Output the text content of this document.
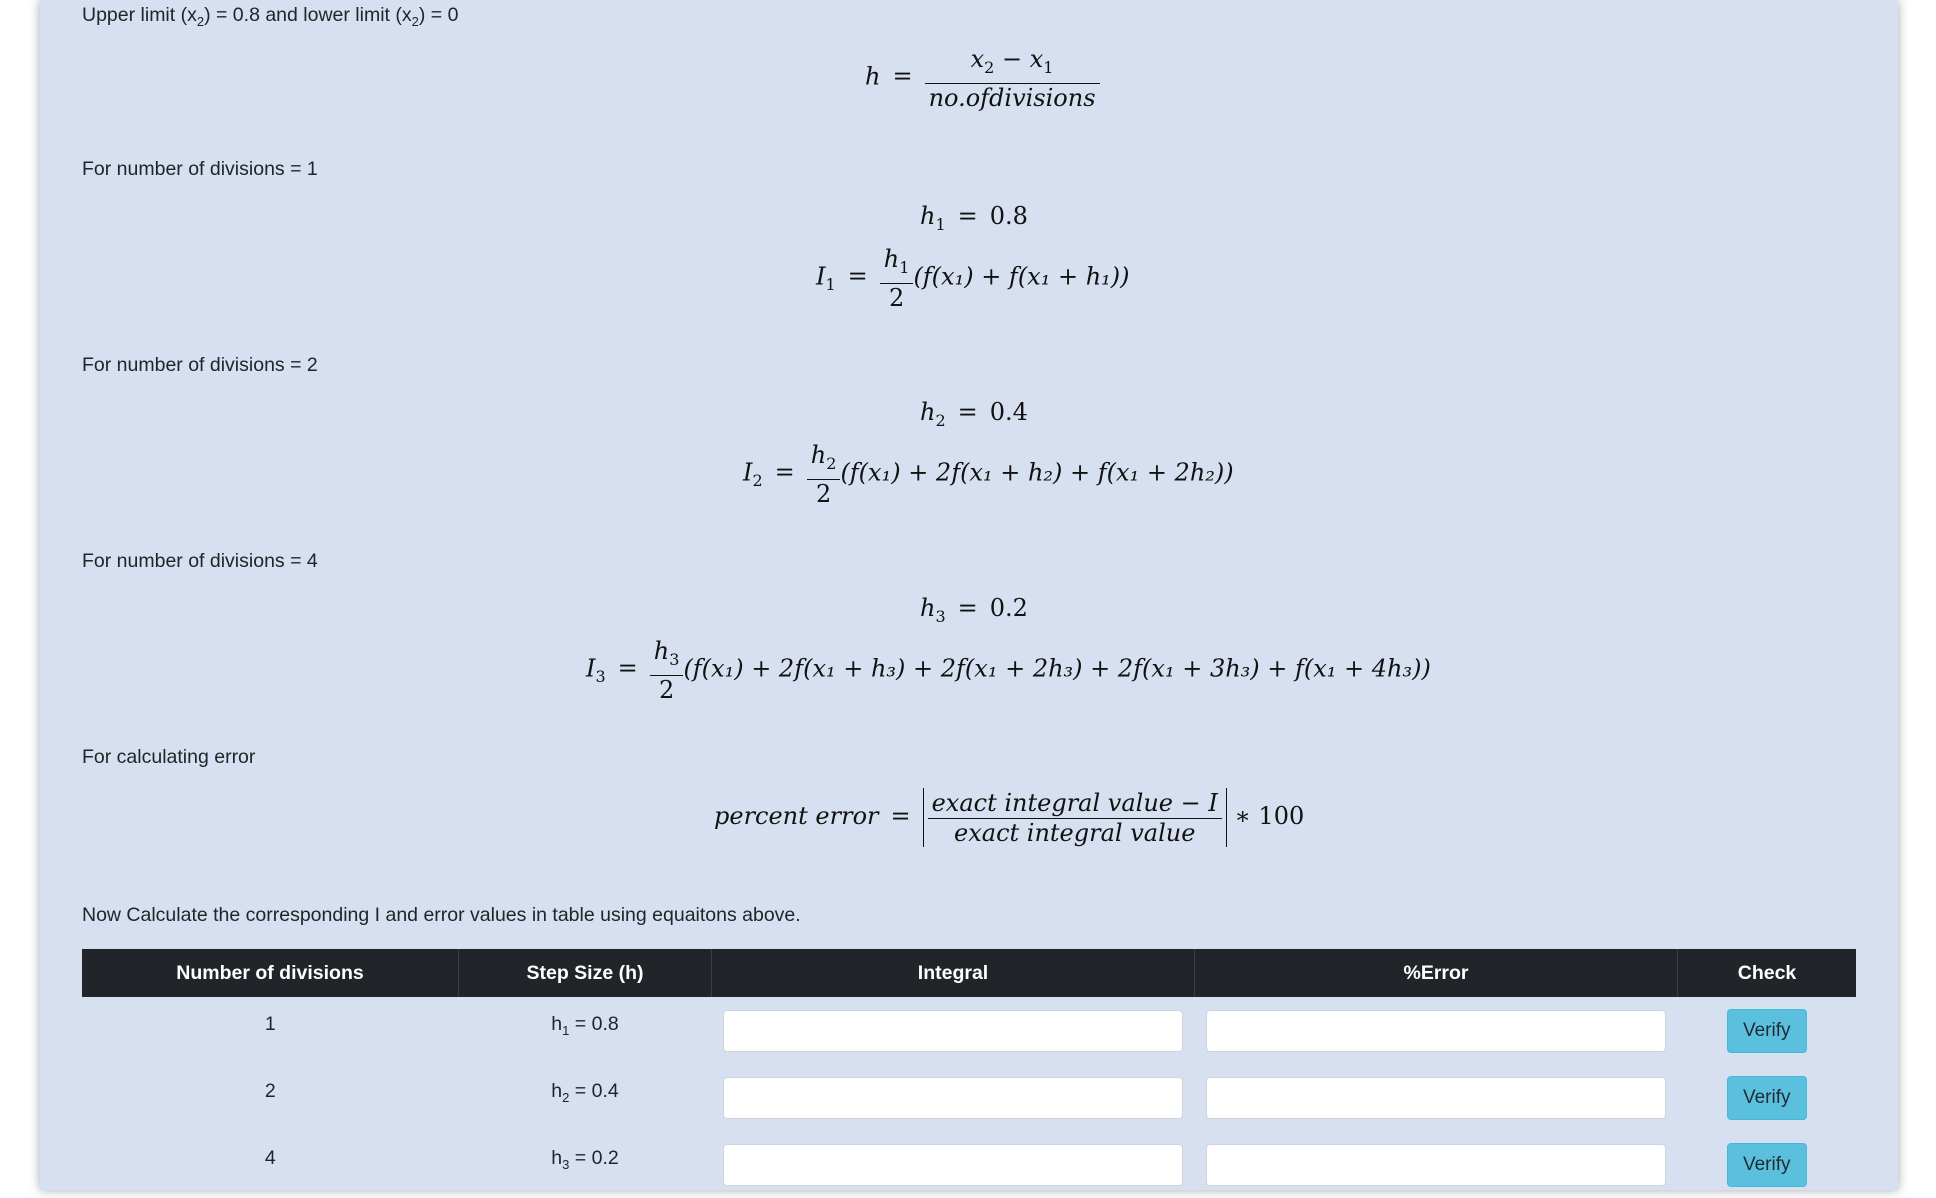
Upper limit $(x_2) = 0.8$ and lower limit $(x_2) = 0$
$h = \frac{x_2 - x_1}{\text{no.ofdivisions}}$
For number of divisions = 1
$h_1 = 0.8$
$I_1 = \frac{h_1}{2} (f(x_1) + f(x_1 + h_1))$
For number of divisions = 2
$h_2 = 0.4$
$I_2 = \frac{h_2}{2} (f(x_1) + 2f(x_1 + h_2) + f(x_1 + 2h_2))$
For number of divisions = 4
$h_3 = 0.2$
$I_3 = \frac{h_3}{2} (f(x_1) + 2f(x_1 + h_3) + 2f(x_1 + 2h_3) + 2f(x_1 + 3h_3) + f(x_1 + 4h_3))$
For calculating error
percent error = $\frac{\text{exact integral value − I}}{\text{exact integral value}}$ ∗ 100
Now Calculate the corresponding I and error values in table using equaitons above.
Number of divisions	Step Size (h)	Integral	%Error	Check
1	$h_1 = 0.8$			Verify
2	$h_2 = 0.4$			Verify
4	$h_3 = 0.2$			Verify
